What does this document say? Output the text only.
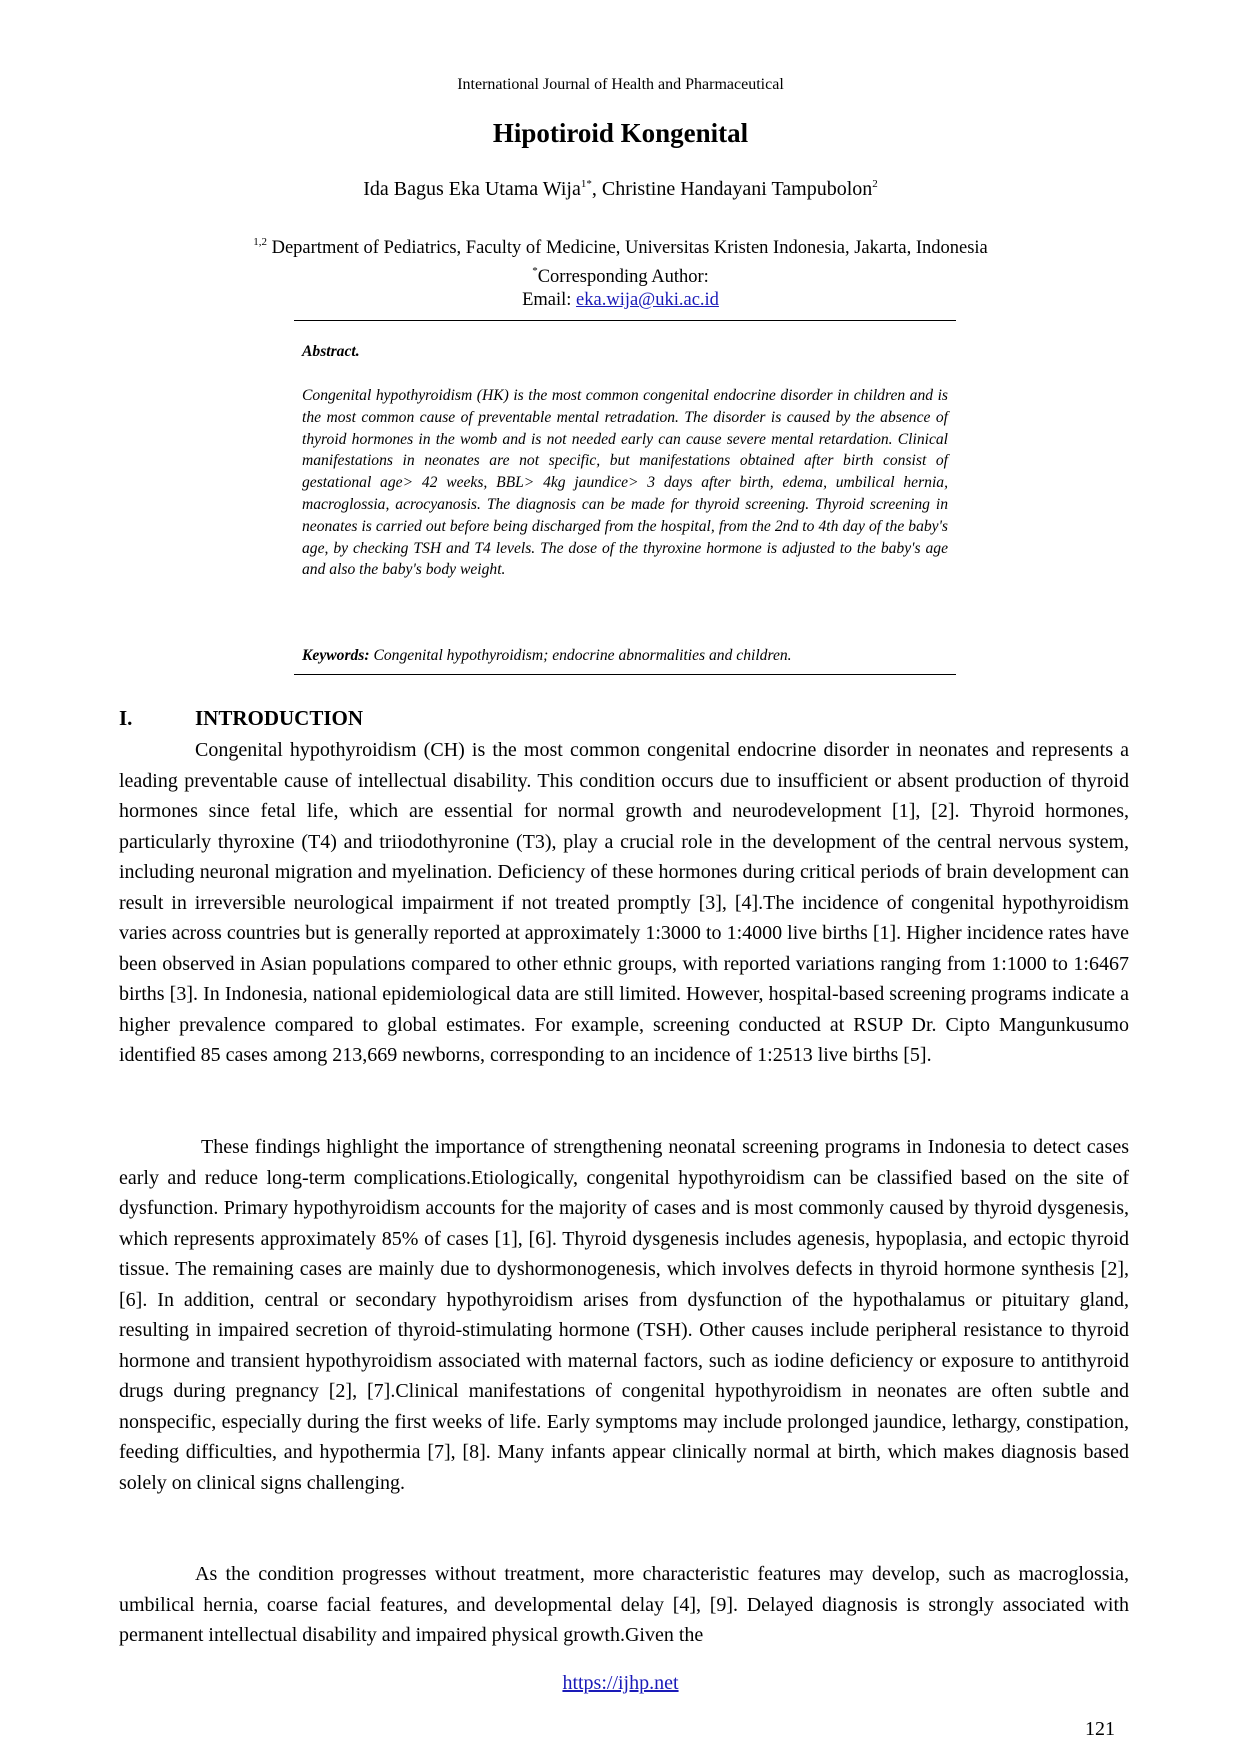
International Journal of Health and Pharmaceutical
Hipotiroid Kongenital
Ida Bagus Eka Utama Wija$^{1*}$, Christine Handayani Tampubolon$^2$
$^{1,2}$ Department of Pediatrics, Faculty of Medicine, Universitas Kristen Indonesia, Jakarta, Indonesia
*Corresponding Author:
Email: eka.wija@uki.ac.id
Abstract.
Congenital hypothyroidism (HK) is the most common congenital endocrine disorder in children and is the most common cause of preventable mental retradation. The disorder is caused by the absence of thyroid hormones in the womb and is not needed early can cause severe mental retardation. Clinical manifestations in neonates are not specific, but manifestations obtained after birth consist of gestational age> 42 weeks, BBL> 4kg jaundice> 3 days after birth, edema, umbilical hernia, macroglossia, acrocyanosis. The diagnosis can be made for thyroid screening. Thyroid screening in neonates is carried out before being discharged from the hospital, from the 2nd to 4th day of the baby's age, by checking TSH and T4 levels. The dose of the thyroxine hormone is adjusted to the baby's age and also the baby's body weight.
Keywords: Congenital hypothyroidism; endocrine abnormalities and children.
I.	INTRODUCTION

Congenital hypothyroidism (CH) is the most common congenital endocrine disorder in neonates and represents a leading preventable cause of intellectual disability. This condition occurs due to insufficient or absent production of thyroid hormones since fetal life, which are essential for normal growth and neurodevelopment [1], [2]. Thyroid hormones, particularly thyroxine (T4) and triiodothyronine (T3), play a crucial role in the development of the central nervous system, including neuronal migration and myelination. Deficiency of these hormones during critical periods of brain development can result in irreversible neurological impairment if not treated promptly [3], [4].The incidence of congenital hypothyroidism varies across countries but is generally reported at approximately 1:3000 to 1:4000 live births [1]. Higher incidence rates have been observed in Asian populations compared to other ethnic groups, with reported variations ranging from 1:1000 to 1:6467 births [3]. In Indonesia, national epidemiological data are still limited. However, hospital-based screening programs indicate a higher prevalence compared to global estimates. For example, screening conducted at RSUP Dr. Cipto Mangunkusumo identified 85 cases among 213,669 newborns, corresponding to an incidence of 1:2513 live births [5].

These findings highlight the importance of strengthening neonatal screening programs in Indonesia to detect cases early and reduce long-term complications.Etiologically, congenital hypothyroidism can be classified based on the site of dysfunction. Primary hypothyroidism accounts for the majority of cases and is most commonly caused by thyroid dysgenesis, which represents approximately 85% of cases [1], [6]. Thyroid dysgenesis includes agenesis, hypoplasia, and ectopic thyroid tissue. The remaining cases are mainly due to dyshormonogenesis, which involves defects in thyroid hormone synthesis [2], [6]. In addition, central or secondary hypothyroidism arises from dysfunction of the hypothalamus or pituitary gland, resulting in impaired secretion of thyroid-stimulating hormone (TSH). Other causes include peripheral resistance to thyroid hormone and transient hypothyroidism associated with maternal factors, such as iodine deficiency or exposure to antithyroid drugs during pregnancy [2], [7].Clinical manifestations of congenital hypothyroidism in neonates are often subtle and nonspecific, especially during the first weeks of life. Early symptoms may include prolonged jaundice, lethargy, constipation, feeding difficulties, and hypothermia [7], [8]. Many infants appear clinically normal at birth, which makes diagnosis based solely on clinical signs challenging.

As the condition progresses without treatment, more characteristic features may develop, such as macroglossia, umbilical hernia, coarse facial features, and developmental delay [4], [9]. Delayed diagnosis is strongly associated with permanent intellectual disability and impaired physical growth.Given the

https://ijhp.net
121
